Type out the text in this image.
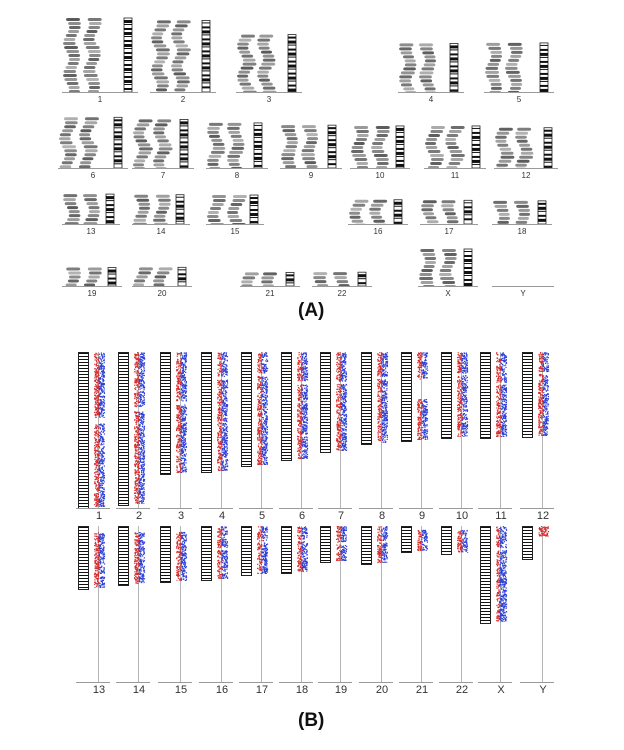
1	2	3	4	5
6	7	8	9	10	11	12
13	14	15	16	17	18
19	20	21	22	X	Y
(A)
1	2	3	4	5	6	7	8	9	10	11	12
13	14	15	16	17	18	19	20	21	22	X	Y
(B)
